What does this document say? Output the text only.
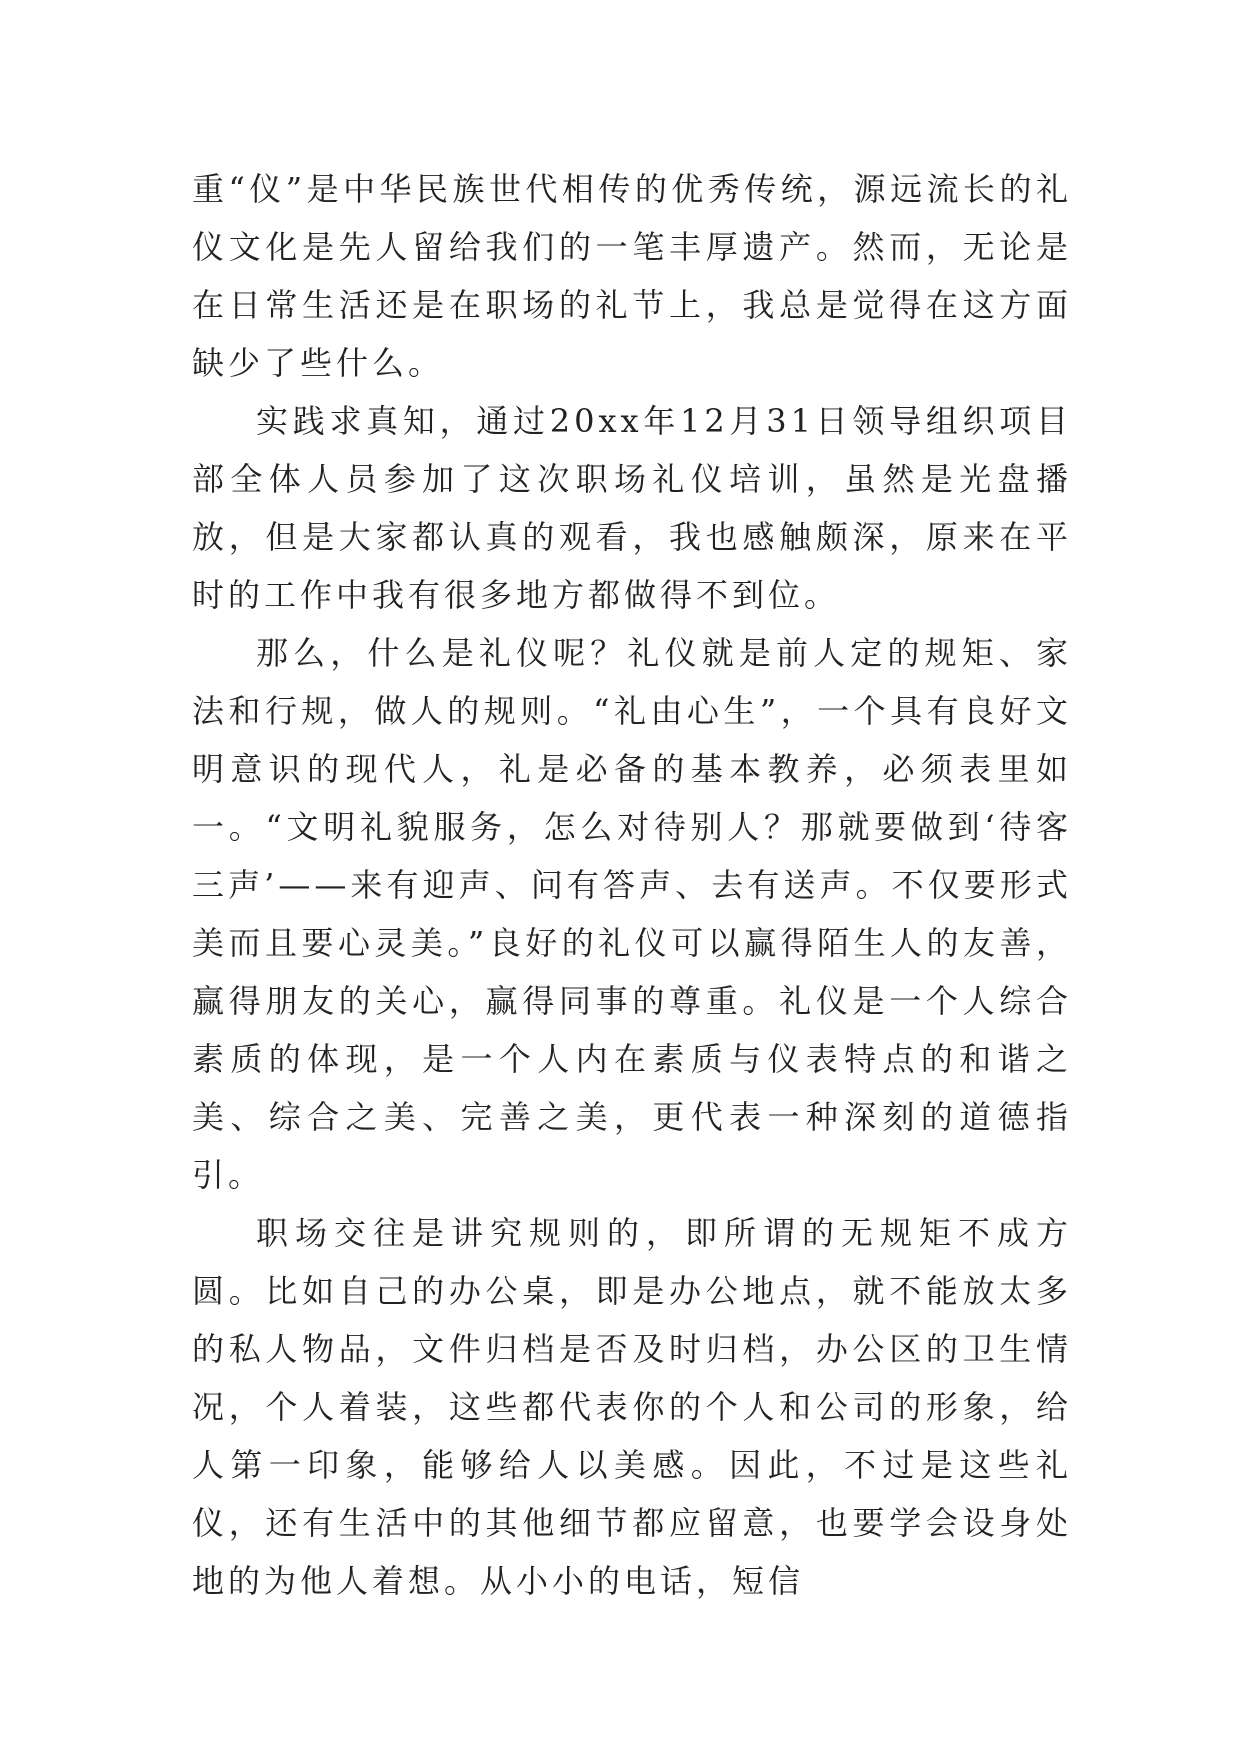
重“仪”是中华民族世代相传的优秀传统，源远流长的礼仪文化是先人留给我们的一笔丰厚遗产。然而，无论是在日常生活还是在职场的礼节上，我总是觉得在这方面缺少了些什么。

实践求真知，通过20xx年12月31日领导组织项目部全体人员参加了这次职场礼仪培训，虽然是光盘播放，但是大家都认真的观看，我也感触颇深，原来在平时的工作中我有很多地方都做得不到位。

那么，什么是礼仪呢？礼仪就是前人定的规矩、家法和行规，做人的规则。“礼由心生”，一个具有良好文明意识的现代人，礼是必备的基本教养，必须表里如一。“文明礼貌服务，怎么对待别人？那就要做到‘待客三声’——来有迎声、问有答声、去有送声。不仅要形式美而且要心灵美。”良好的礼仪可以赢得陌生人的友善，赢得朋友的关心，赢得同事的尊重。礼仪是一个人综合素质的体现，是一个人内在素质与仪表特点的和谐之美、综合之美、完善之美，更代表一种深刻的道德指引。

职场交往是讲究规则的，即所谓的无规矩不成方圆。比如自己的办公桌，即是办公地点，就不能放太多的私人物品，文件归档是否及时归档，办公区的卫生情况，个人着装，这些都代表你的个人和公司的形象，给人第一印象，能够给人以美感。因此，不过是这些礼仪，还有生活中的其他细节都应留意，也要学会设身处地的为他人着想。从小小的电话，短信
